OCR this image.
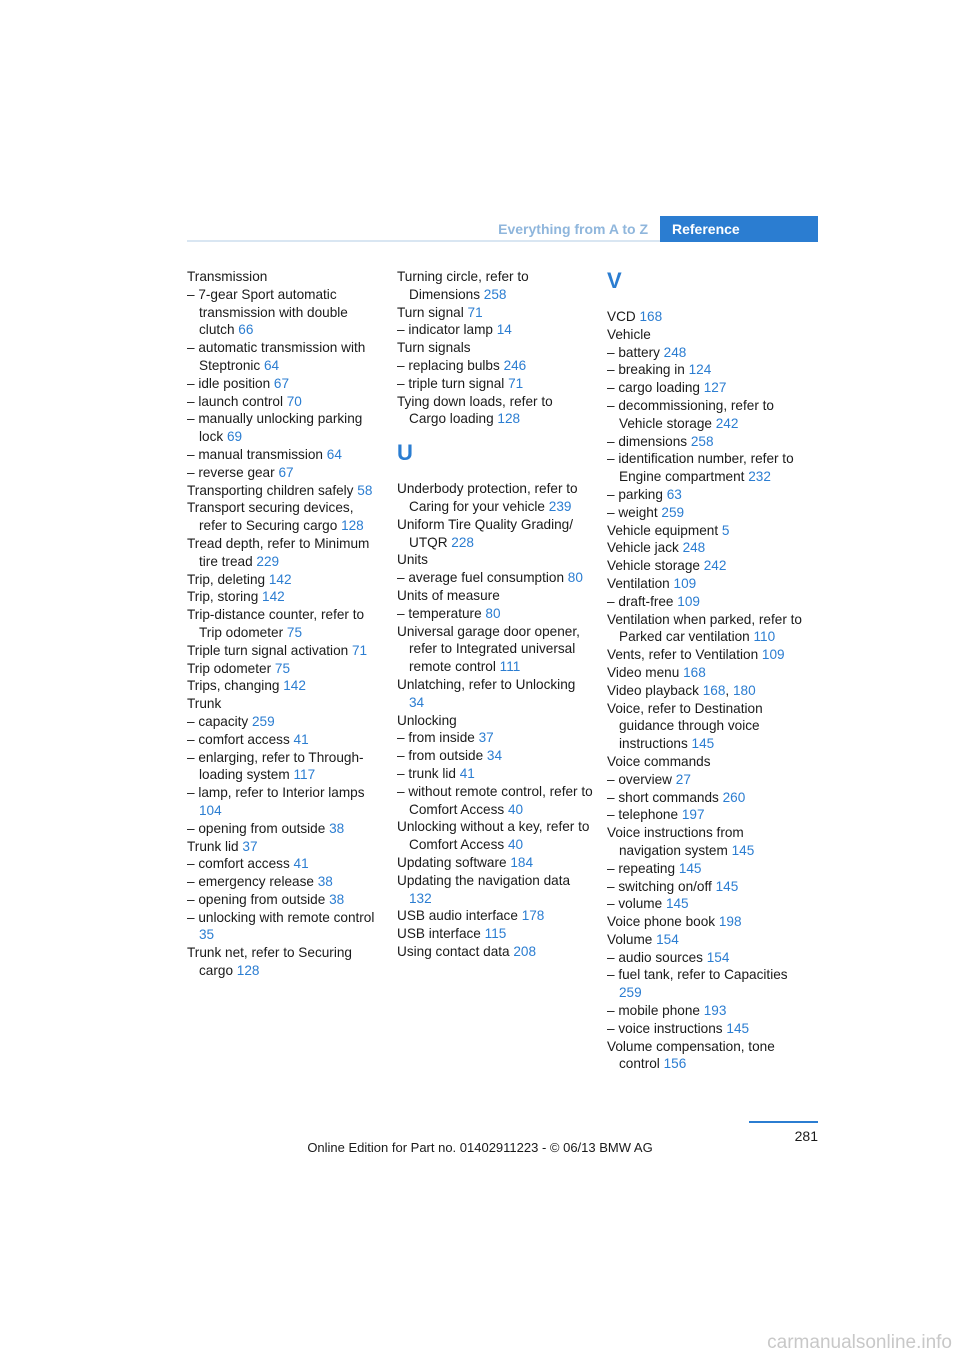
Everything from A to Z	Reference

Transmission

– 7-gear Sport automatic transmission with double clutch 66

– automatic transmission with Steptronic 64

– idle position 67

– launch control 70

– manually unlocking parking lock 69

– manual transmission 64

– reverse gear 67

Transporting children safely 58

Transport securing devices, refer to Securing cargo 128

Tread depth, refer to Minimum tire tread 229

Trip, deleting 142

Trip, storing 142

Trip-distance counter, refer to Trip odometer 75

Triple turn signal activation 71

Trip odometer 75

Trips, changing 142

Trunk

– capacity 259

– comfort access 41

– enlarging, refer to Through-loading system 117

– lamp, refer to Interior lamps 104

– opening from outside 38

Trunk lid 37

– comfort access 41

– emergency release 38

– opening from outside 38

– unlocking with remote control 35

Trunk net, refer to Securing cargo 128

Turning circle, refer to Dimensions 258

Turn signal 71

– indicator lamp 14

Turn signals

– replacing bulbs 246

– triple turn signal 71

Tying down loads, refer to Cargo loading 128

U

Underbody protection, refer to Caring for your vehicle 239

Uniform Tire Quality Grading/ UTQR 228

Units

– average fuel consumption 80

Units of measure

– temperature 80

Universal garage door opener, refer to Integrated universal remote control 111

Unlatching, refer to Unlocking 34

Unlocking

– from inside 37

– from outside 34

– trunk lid 41

– without remote control, refer to Comfort Access 40

Unlocking without a key, refer to Comfort Access 40

Updating software 184

Updating the navigation data 132

USB audio interface 178

USB interface 115

Using contact data 208

V

VCD 168

Vehicle

– battery 248

– breaking in 124

– cargo loading 127

– decommissioning, refer to Vehicle storage 242

– dimensions 258

– identification number, refer to Engine compartment 232

– parking 63

– weight 259

Vehicle equipment 5

Vehicle jack 248

Vehicle storage 242

Ventilation 109

– draft-free 109

Ventilation when parked, refer to Parked car ventilation 110

Vents, refer to Ventilation 109

Video menu 168

Video playback 168, 180

Voice, refer to Destination guidance through voice instructions 145

Voice commands

– overview 27

– short commands 260

– telephone 197

Voice instructions from navigation system 145

– repeating 145

– switching on/off 145

– volume 145

Voice phone book 198

Volume 154

– audio sources 154

– fuel tank, refer to Capacities 259

– mobile phone 193

– voice instructions 145

Volume compensation, tone control 156

281
Online Edition for Part no. 01402911223 - © 06/13 BMW AG
carmanualsonline.info
